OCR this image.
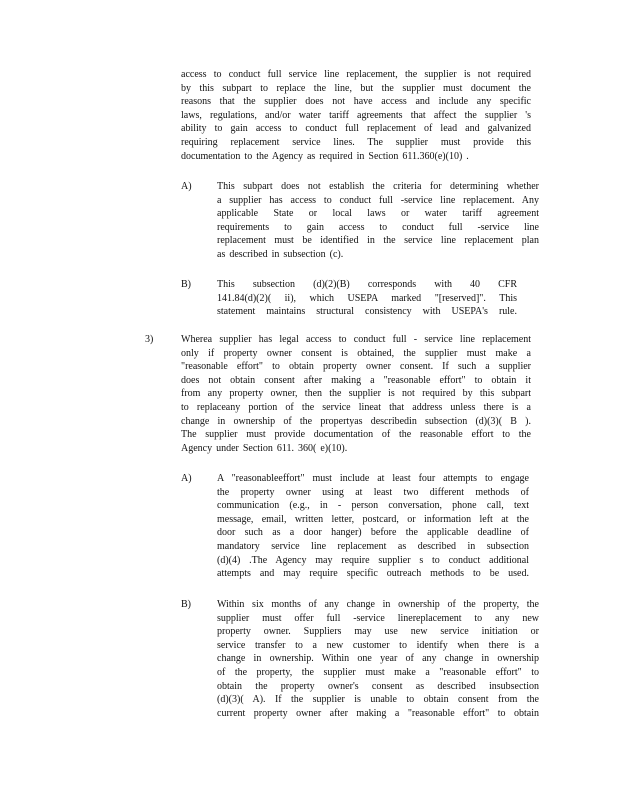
access to conduct full service line replacement, the supplier is not required
by this subpart to replace the line, but the supplier must document the
reasons that the supplier does not have access and include any specific
laws, regulations, and/or water tariff agreements that affect the supplier 's
ability to gain access to conduct full replacement of lead and galvanized
requiring replacement service lines. The supplier must provide this
documentation to the Agency as required in Section 611.360(e)(10) .
A)	This subpart does not establish the criteria for determining whether
a supplier has access to conduct full -service line replacement. Any
applicable State or local laws or water tariff agreement
requirements to gain access to conduct full -service line
replacement must be identified in the service line replacement plan
as described in subsection (c).
B)	This subsection (d)(2)(B) corresponds with 40 CFR
141.84(d)(2)( ii), which USEPA marked "[reserved]". This
statement maintains structural consistency with USEPA's rule.
3)	Wherea supplier has legal access to conduct full - service line replacement
only if property owner consent is obtained, the supplier must make a
"reasonable effort" to obtain property owner consent. If such a supplier
does not obtain consent after making a "reasonable effort" to obtain it
from any property owner, then the supplier is not required by this subpart
to replaceany portion of the service lineat that address unless there is a
change in ownership of the propertyas describedin subsection (d)(3)( B ).
The supplier must provide documentation of the reasonable effort to the
Agency under Section 611. 360( e)(10).
A)	A "reasonableeffort" must include at least four attempts to engage
the property owner using at least two different methods of
communication (e.g., in - person conversation, phone call, text
message, email, written letter, postcard, or information left at the
door such as a door hanger) before the applicable deadline of
mandatory service line replacement as described in subsection
(d)(4) .The Agency may require supplier s to conduct additional
attempts and may require specific outreach methods to be used.
B)	Within six months of any change in ownership of the property, the
supplier must offer full -service linereplacement to any new
property owner. Suppliers may use new service initiation or
service transfer to a new customer to identify when there is a
change in ownership. Within one year of any change in ownership
of the property, the supplier must make a "reasonable effort" to
obtain the property owner's consent as described insubsection
(d)(3)( A). If the supplier is unable to obtain consent from the
current property owner after making a "reasonable effort" to obtain
